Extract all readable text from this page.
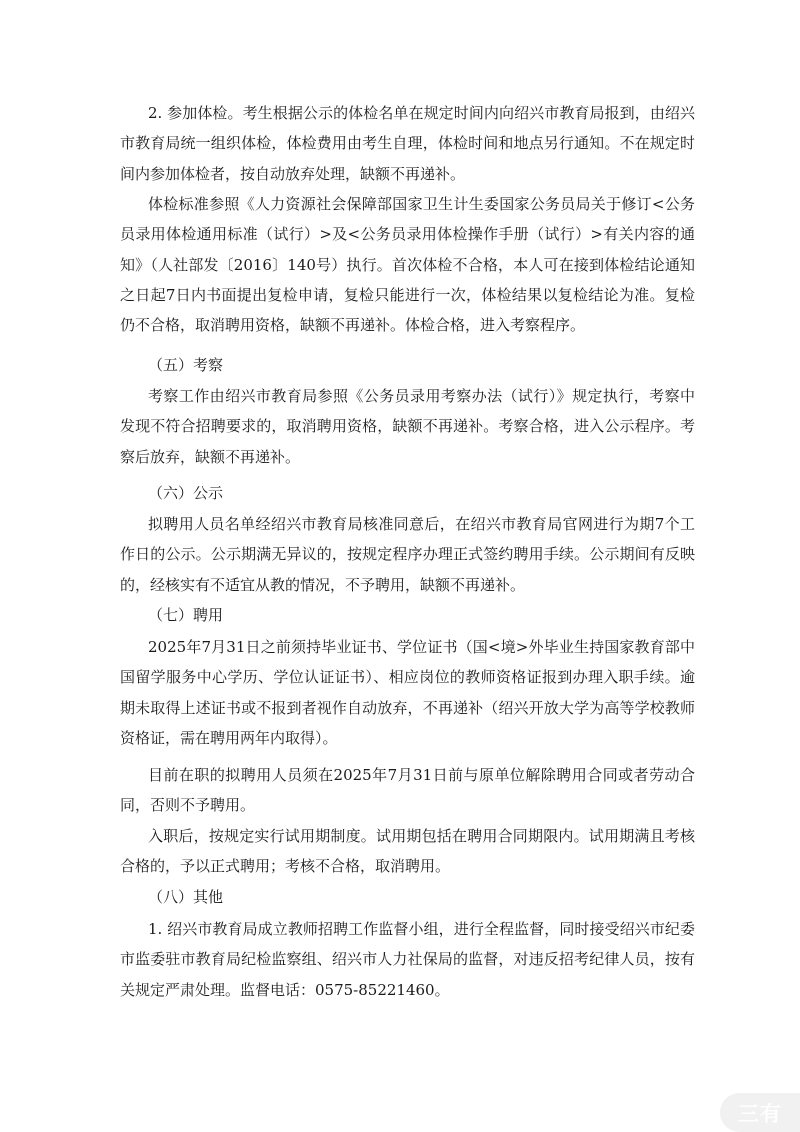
2. 参加体检。考生根据公示的体检名单在规定时间内向绍兴市教育局报到，由绍兴市教育局统一组织体检，体检费用由考生自理，体检时间和地点另行通知。不在规定时间内参加体检者，按自动放弃处理，缺额不再递补。

体检标准参照《人力资源社会保障部国家卫生计生委国家公务员局关于修订<公务员录用体检通用标准（试行）>及<公务员录用体检操作手册（试行）>有关内容的通知》（人社部发〔2016〕140号）执行。首次体检不合格，本人可在接到体检结论通知之日起7日内书面提出复检申请，复检只能进行一次，体检结果以复检结论为准。复检仍不合格，取消聘用资格，缺额不再递补。体检合格，进入考察程序。

（五）考察

考察工作由绍兴市教育局参照《公务员录用考察办法（试行）》规定执行，考察中发现不符合招聘要求的，取消聘用资格，缺额不再递补。考察合格，进入公示程序。考察后放弃，缺额不再递补。

（六）公示

拟聘用人员名单经绍兴市教育局核准同意后，在绍兴市教育局官网进行为期7个工作日的公示。公示期满无异议的，按规定程序办理正式签约聘用手续。公示期间有反映的，经核实有不适宜从教的情况，不予聘用，缺额不再递补。

（七）聘用

2025年7月31日之前须持毕业证书、学位证书（国<境>外毕业生持国家教育部中国留学服务中心学历、学位认证证书）、相应岗位的教师资格证报到办理入职手续。逾期未取得上述证书或不报到者视作自动放弃，不再递补（绍兴开放大学为高等学校教师资格证，需在聘用两年内取得）。

目前在职的拟聘用人员须在2025年7月31日前与原单位解除聘用合同或者劳动合同，否则不予聘用。

入职后，按规定实行试用期制度。试用期包括在聘用合同期限内。试用期满且考核合格的，予以正式聘用；考核不合格，取消聘用。

（八）其他

1. 绍兴市教育局成立教师招聘工作监督小组，进行全程监督，同时接受绍兴市纪委市监委驻市教育局纪检监察组、绍兴市人力社保局的监督，对违反招考纪律人员，按有关规定严肃处理。监督电话：0575-85221460。

三有
